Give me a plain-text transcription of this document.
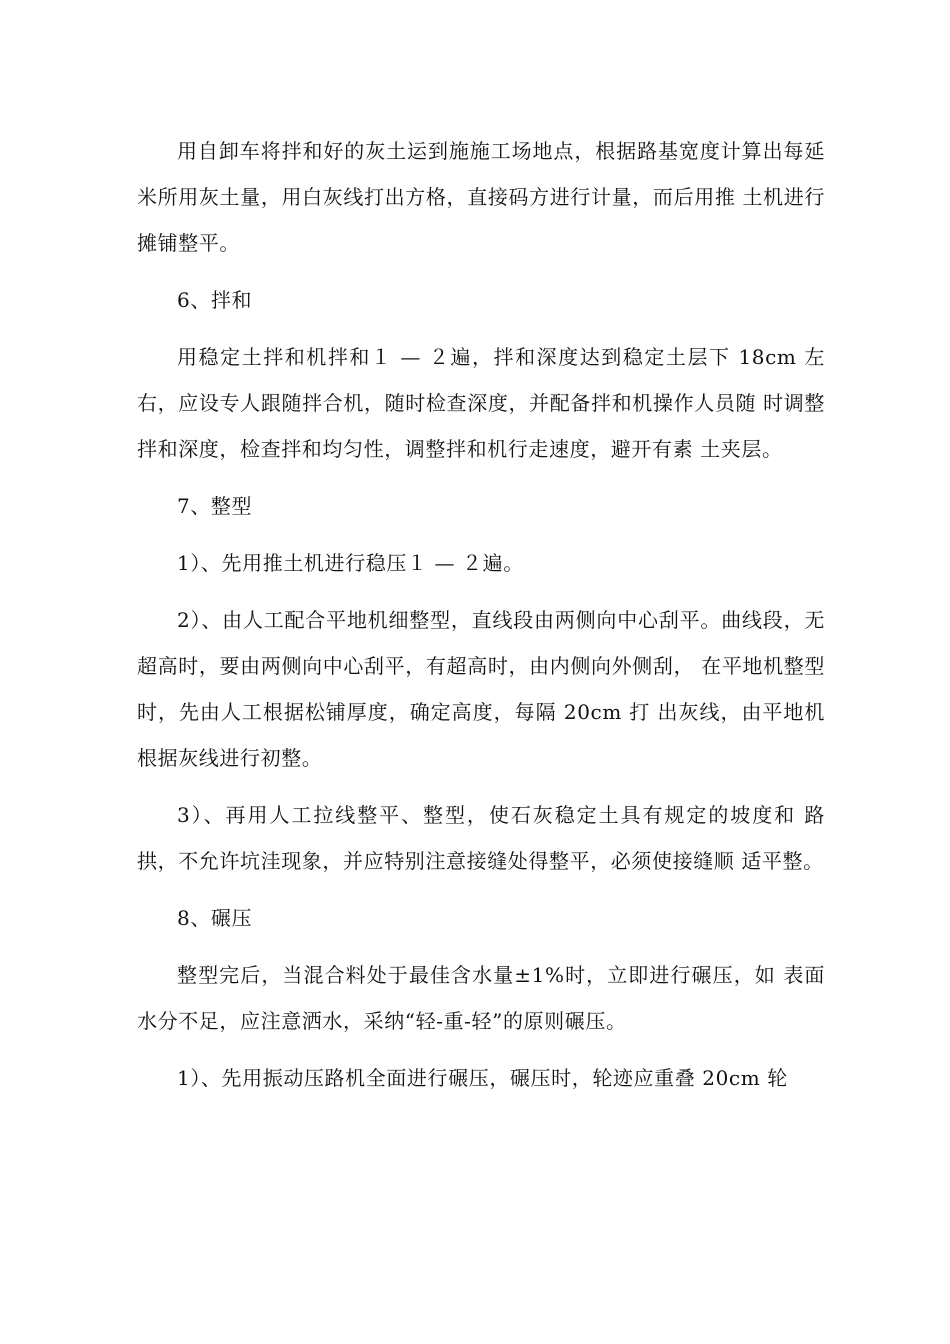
用自卸车将拌和好的灰土运到施施工场地点，根据路基宽度计算出每延米所用灰土量，用白灰线打出方格，直接码方进行计量，而后用推 土机进行摊铺整平。

6、拌和

用稳定土拌和机拌和１ — ２遍，拌和深度达到稳定土层下 18cm 左右，应设专人跟随拌合机，随时检查深度，并配备拌和机操作人员随 时调整拌和深度，检查拌和均匀性，调整拌和机行走速度，避开有素 土夹层。

7、整型

1）、先用推土机进行稳压１ — ２遍。

2）、由人工配合平地机细整型，直线段由两侧向中心刮平。曲线段，无超高时，要由两侧向中心刮平，有超高时，由内侧向外侧刮， 在平地机整型时，先由人工根据松铺厚度，确定高度，每隔 20cm 打 出灰线，由平地机根据灰线进行初整。

3）、再用人工拉线整平、整型，使石灰稳定土具有规定的坡度和 路拱，不允许坑洼现象，并应特别注意接缝处得整平，必须使接缝顺 适平整。

8、碾压

整型完后，当混合料处于最佳含水量±1%时，立即进行碾压，如 表面水分不足，应注意洒水，采纳“轻-重-轻”的原则碾压。

1）、先用振动压路机全面进行碾压，碾压时，轮迹应重叠 20cm 轮
